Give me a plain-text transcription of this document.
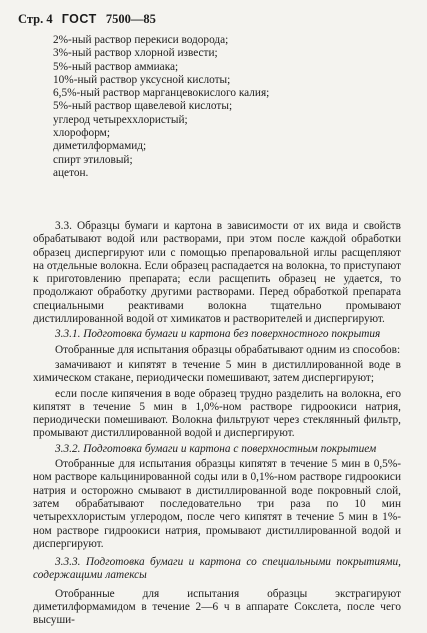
Стр. 4 ГОСТ 7500—85
2%-ный раствор перекиси водорода;
3%-ный раствор хлорной извести;
5%-ный раствор аммиака;
10%-ный раствор уксусной кислоты;
6,5%-ный раствор марганцевокислого калия;
5%-ный раствор щавелевой кислоты;
углерод четыреххлористый;
хлороформ;
диметилформамид;
спирт этиловый;
ацетон.

3.3. Образцы бумаги и картона в зависимости от их вида и свойств обрабатывают водой или растворами, при этом после каждой обработки образец диспергируют или с помощью препаровальной иглы расщепляют на отдельные волокна. Если образец распадается на волокна, то приступают к приготовлению препарата; если расщепить образец не удается, то продолжают обработку другими растворами. Перед обработкой препарата специальными реактивами волокна тщательно промывают дистиллированной водой от химикатов и растворителей и диспергируют.

3.3.1. Подготовка бумаги и картона без поверхностного покрытия

Отобранные для испытания образцы обрабатывают одним из способов:

замачивают и кипятят в течение 5 мин в дистиллированной воде в химическом стакане, периодически помешивают, затем диспергируют;

если после кипячения в воде образец трудно разделить на волокна, его кипятят в течение 5 мин в 1,0%-ном растворе гидроокиси натрия, периодически помешивают. Волокна фильтруют через стеклянный фильтр, промывают дистиллированной водой и диспергируют.

3.3.2. Подготовка бумаги и картона с поверхностным покрытием

Отобранные для испытания образцы кипятят в течение 5 мин в 0,5%-ном растворе кальцинированной соды или в 0,1%-ном растворе гидроокиси натрия и осторожно смывают в дистиллированной воде покровный слой, затем обрабатывают последовательно три раза по 10 мин четыреххлористым углеродом, после чего кипятят в течение 5 мин в 1%-ном растворе гидроокиси натрия, промывают дистиллированной водой и диспергируют.

3.3.3. Подготовка бумаги и картона со специальными покрытиями, содержащими латексы

Отобранные для испытания образцы экстрагируют диметилформамидом в течение 2—6 ч в аппарате Сокслета, после чего высуши-
